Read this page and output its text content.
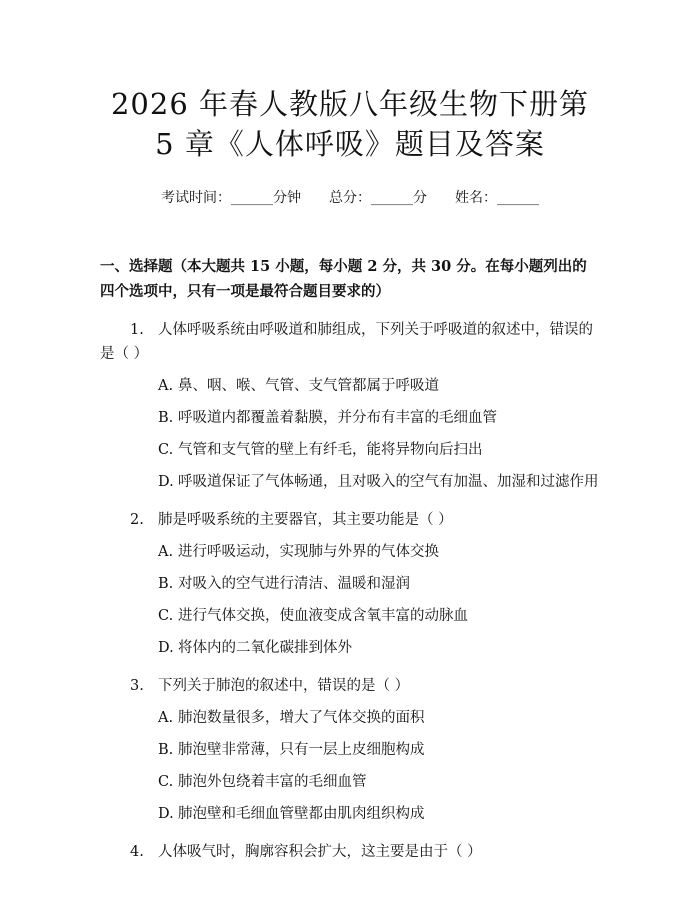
2026 年春人教版八年级生物下册第 5 章《人体呼吸》题目及答案
考试时间：______分钟 总分：______分 姓名：______
一、选择题（本大题共 15 小题，每小题 2 分，共 30 分。在每小题列出的四个选项中，只有一项是最符合题目要求的）
1. 人体呼吸系统由呼吸道和肺组成，下列关于呼吸道的叙述中，错误的是（ ）
A. 鼻、咽、喉、气管、支气管都属于呼吸道
B. 呼吸道内都覆盖着黏膜，并分布有丰富的毛细血管
C. 气管和支气管的壁上有纤毛，能将异物向后扫出
D. 呼吸道保证了气体畅通，且对吸入的空气有加温、加湿和过滤作用
2. 肺是呼吸系统的主要器官，其主要功能是（ ）
A. 进行呼吸运动，实现肺与外界的气体交换
B. 对吸入的空气进行清洁、温暖和湿润
C. 进行气体交换，使血液变成含氧丰富的动脉血
D. 将体内的二氧化碳排到体外
3. 下列关于肺泡的叙述中，错误的是（ ）
A. 肺泡数量很多，增大了气体交换的面积
B. 肺泡壁非常薄，只有一层上皮细胞构成
C. 肺泡外包绕着丰富的毛细血管
D. 肺泡壁和毛细血管壁都由肌肉组织构成
4. 人体吸气时，胸廓容积会扩大，这主要是由于（ ）
